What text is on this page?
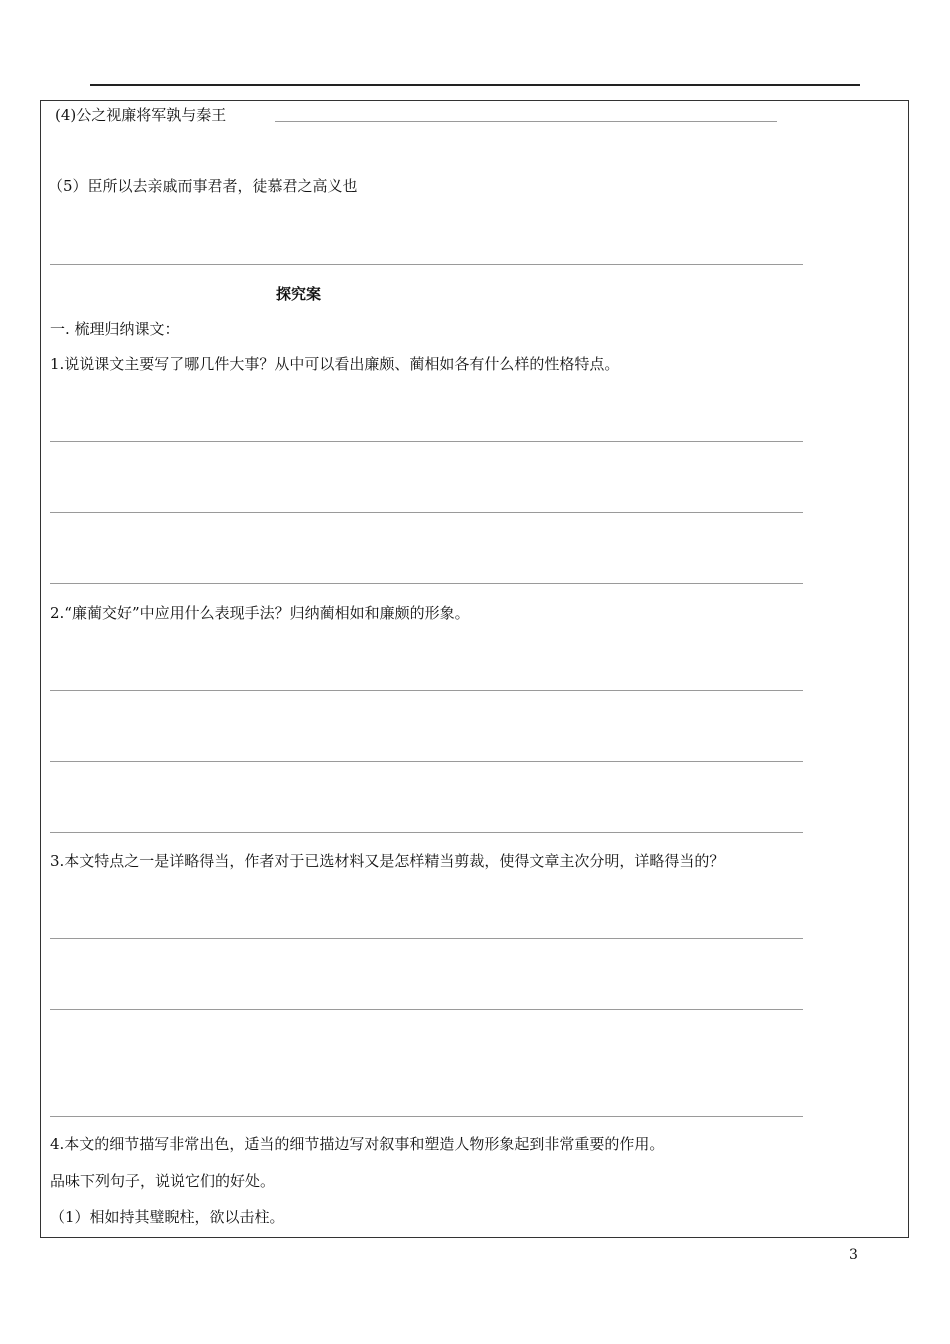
(4)公之视廉将军孰与秦王
（5）臣所以去亲戚而事君者，徒慕君之高义也
探究案
一. 梳理归纳课文：
1.说说课文主要写了哪几件大事？从中可以看出廉颇、蔺相如各有什么样的性格特点。
2.“廉蔺交好”中应用什么表现手法？归纳蔺相如和廉颇的形象。
3.本文特点之一是详略得当，作者对于已选材料又是怎样精当剪裁，使得文章主次分明，详略得当的？
4.本文的细节描写非常出色，适当的细节描边写对叙事和塑造人物形象起到非常重要的作用。
品味下列句子，说说它们的好处。
（1）相如持其璧睨柱，欲以击柱。
3
